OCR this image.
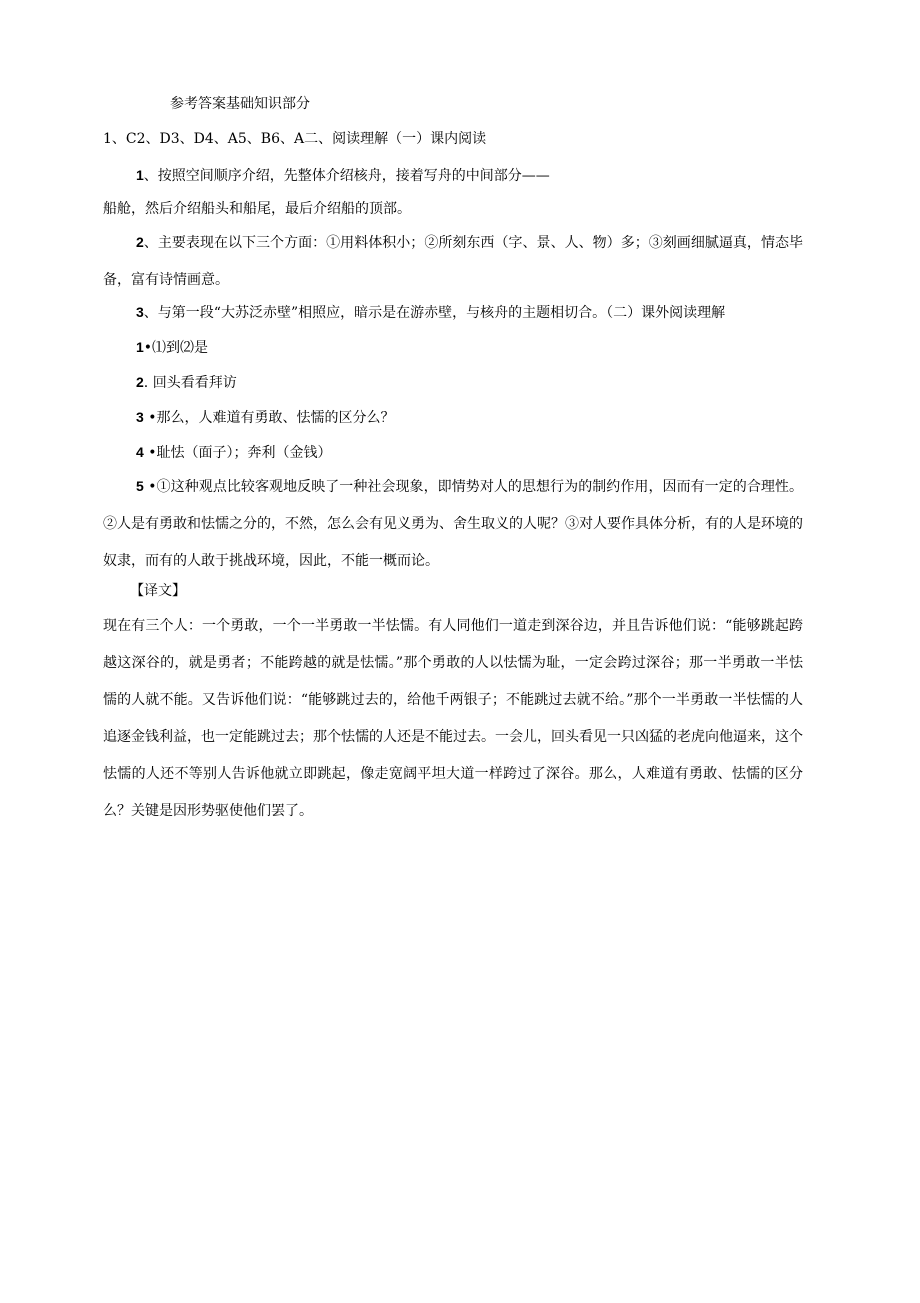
参考答案基础知识部分
1、C2、D3、D4、A5、B6、A二、阅读理解（一）课内阅读
1、按照空间顺序介绍，先整体介绍核舟，接着写舟的中间部分——
船舱，然后介绍船头和船尾，最后介绍船的顶部。
2、主要表现在以下三个方面：①用料体积小；②所刻东西（字、景、人、物）多；③刻画细腻逼真，情态毕备，富有诗情画意。
3、与第一段“大苏泛赤壁”相照应，暗示是在游赤壁，与核舟的主题相切合。（二）课外阅读理解
1•⑴到⑵是
2. 回头看看拜访
3 •那么，人难道有勇敢、怯懦的区分么？
4 •耻怯（面子）；奔利（金钱）
5 •①这种观点比较客观地反映了一种社会现象，即情势对人的思想行为的制约作用，因而有一定的合理性。②人是有勇敢和怯懦之分的，不然，怎么会有见义勇为、舍生取义的人呢？③对人要作具体分析，有的人是环境的奴隶，而有的人敢于挑战环境，因此，不能一概而论。
【译文】
现在有三个人：一个勇敢，一个一半勇敢一半怯懦。有人同他们一道走到深谷边，并且告诉他们说：“能够跳起跨越这深谷的，就是勇者；不能跨越的就是怯懦。”那个勇敢的人以怯懦为耻，一定会跨过深谷；那一半勇敢一半怯懦的人就不能。又告诉他们说：“能够跳过去的，给他千两银子；不能跳过去就不给。”那个一半勇敢一半怯懦的人追逐金钱利益，也一定能跳过去；那个怯懦的人还是不能过去。一会儿，回头看见一只凶猛的老虎向他逼来，这个怯懦的人还不等别人告诉他就立即跳起，像走宽阔平坦大道一样跨过了深谷。那么，人难道有勇敢、怯懦的区分么？关键是因形势驱使他们罢了。
